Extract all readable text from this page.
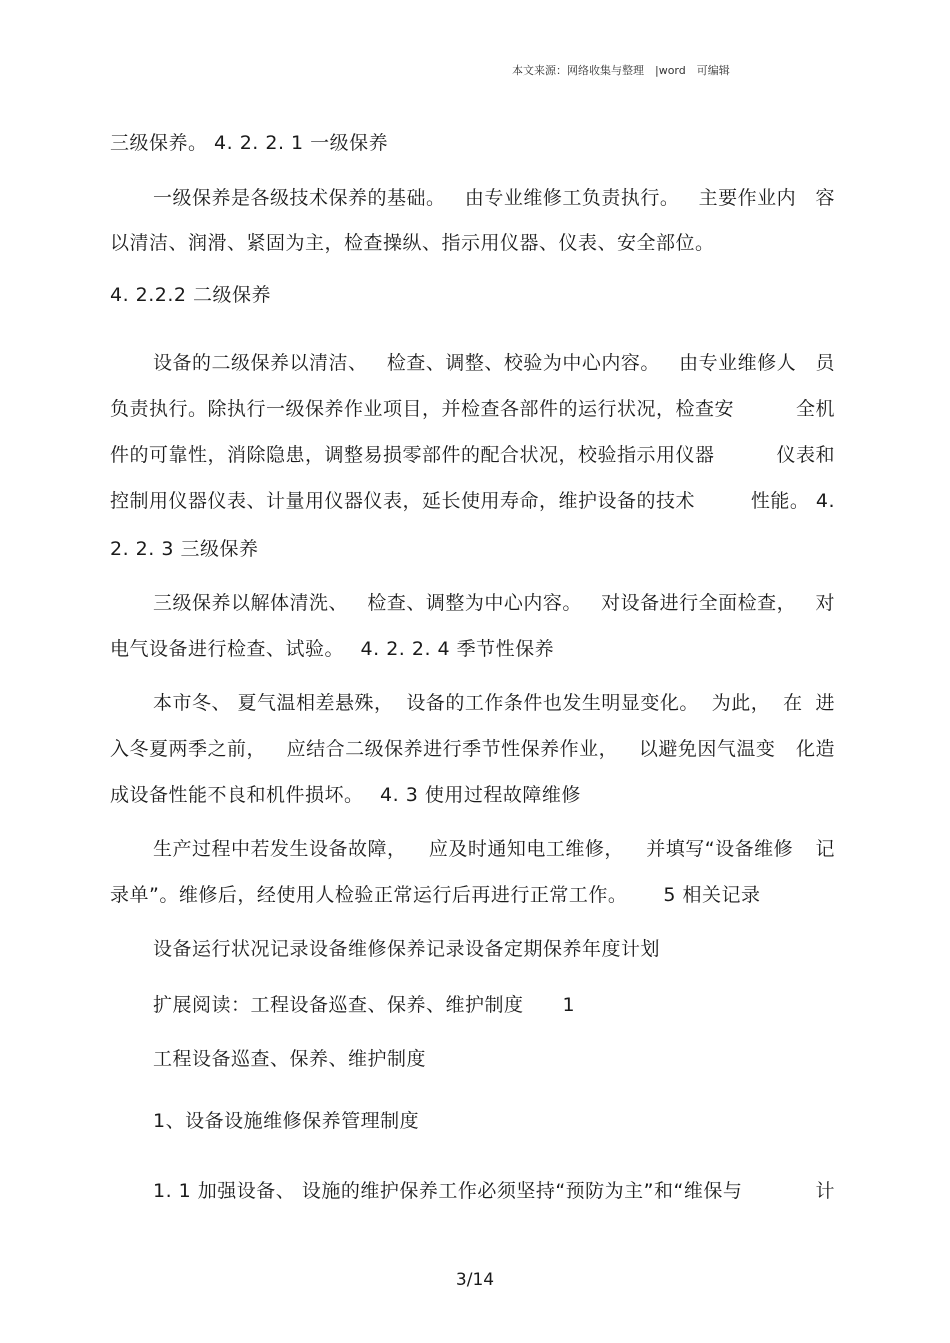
本文来源：网络收集与整理　|word　可编辑
三级保养。 4. 2. 2. 1 一级保养
一级保养是各级技术保养的基础。 由专业维修工负责执行。 主要作业内 容
以清洁、润滑、紧固为主，检查操纵、指示用仪器、仪表、安全部位。
4. 2.2.2 二级保养
设备的二级保养以清洁、 检查、调整、校验为中心内容。 由专业维修人 员
负责执行。除执行一级保养作业项目，并检查各部件的运行状况，检查安	全机
件的可靠性，消除隐患，调整易损零部件的配合状况，校验指示用仪器	仪表和
控制用仪器仪表、计量用仪器仪表，延长使用寿命，维护设备的技术	性能。 4.
2. 2. 3 三级保养
三级保养以解体清洗、 检查、调整为中心内容。 对设备进行全面检查， 对
电气设备进行检查、试验。　 4. 2. 2. 4 季节性保养
本市冬、 夏气温相差悬殊， 设备的工作条件也发生明显变化。 为此， 在 进
入冬夏两季之前， 应结合二级保养进行季节性保养作业， 以避免因气温变 化造
成设备性能不良和机件损坏。　 4. 3 使用过程故障维修
生产过程中若发生设备故障， 应及时通知电工维修， 并填写“设备维修 记
录单”。维修后，经使用人检验正常运行后再进行正常工作。　　 5 相关记录
设备运行状况记录设备维修保养记录设备定期保养年度计划
扩展阅读：工程设备巡查、保养、维护制度　　1
工程设备巡查、保养、维护制度
1、设备设施维修保养管理制度
1. 1 加强设备、 设施的维护保养工作必须坚持“预防为主”和“维保与	计
3/14
